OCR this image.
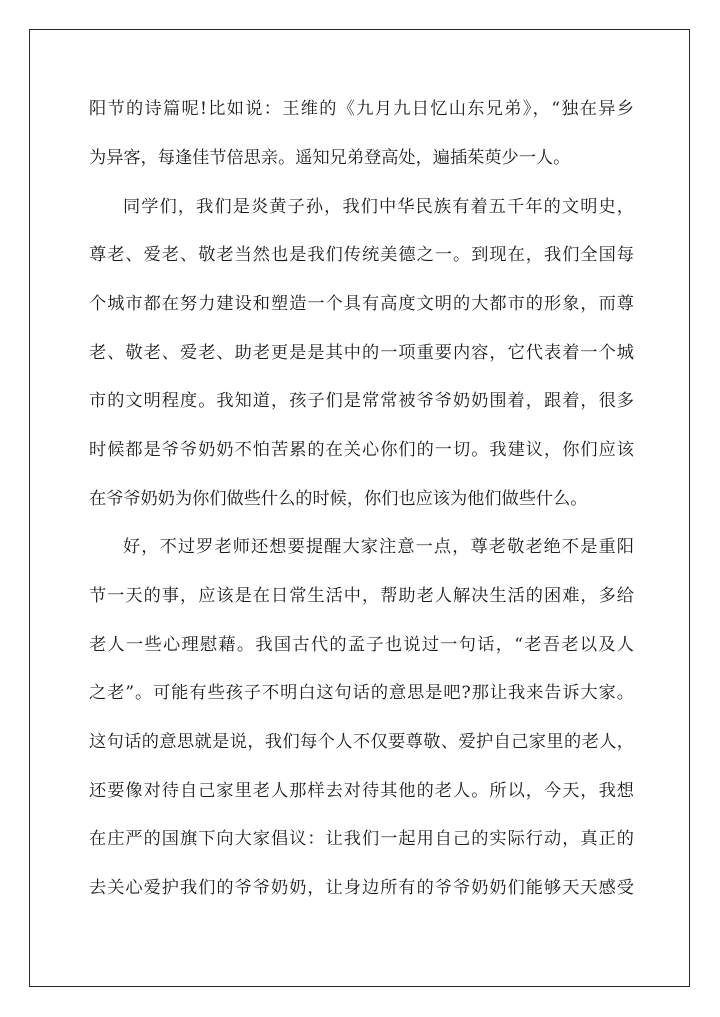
阳节的诗篇呢!比如说：王维的《九月九日忆山东兄弟》，“独在异乡
为异客，每逢佳节倍思亲。遥知兄弟登高处，遍插茱萸少一人。
同学们，我们是炎黄子孙，我们中华民族有着五千年的文明史，
尊老、爱老、敬老当然也是我们传统美德之一。到现在，我们全国每
个城市都在努力建设和塑造一个具有高度文明的大都市的形象，而尊
老、敬老、爱老、助老更是是其中的一项重要内容，它代表着一个城
市的文明程度。我知道，孩子们是常常被爷爷奶奶围着，跟着，很多
时候都是爷爷奶奶不怕苦累的在关心你们的一切。我建议，你们应该
在爷爷奶奶为你们做些什么的时候，你们也应该为他们做些什么。
好，不过罗老师还想要提醒大家注意一点，尊老敬老绝不是重阳
节一天的事，应该是在日常生活中，帮助老人解决生活的困难，多给
老人一些心理慰藉。我国古代的孟子也说过一句话，“老吾老以及人
之老”。可能有些孩子不明白这句话的意思是吧?那让我来告诉大家。
这句话的意思就是说，我们每个人不仅要尊敬、爱护自己家里的老人，
还要像对待自己家里老人那样去对待其他的老人。所以，今天，我想
在庄严的国旗下向大家倡议：让我们一起用自己的实际行动，真正的
去关心爱护我们的爷爷奶奶，让身边所有的爷爷奶奶们能够天天感受
